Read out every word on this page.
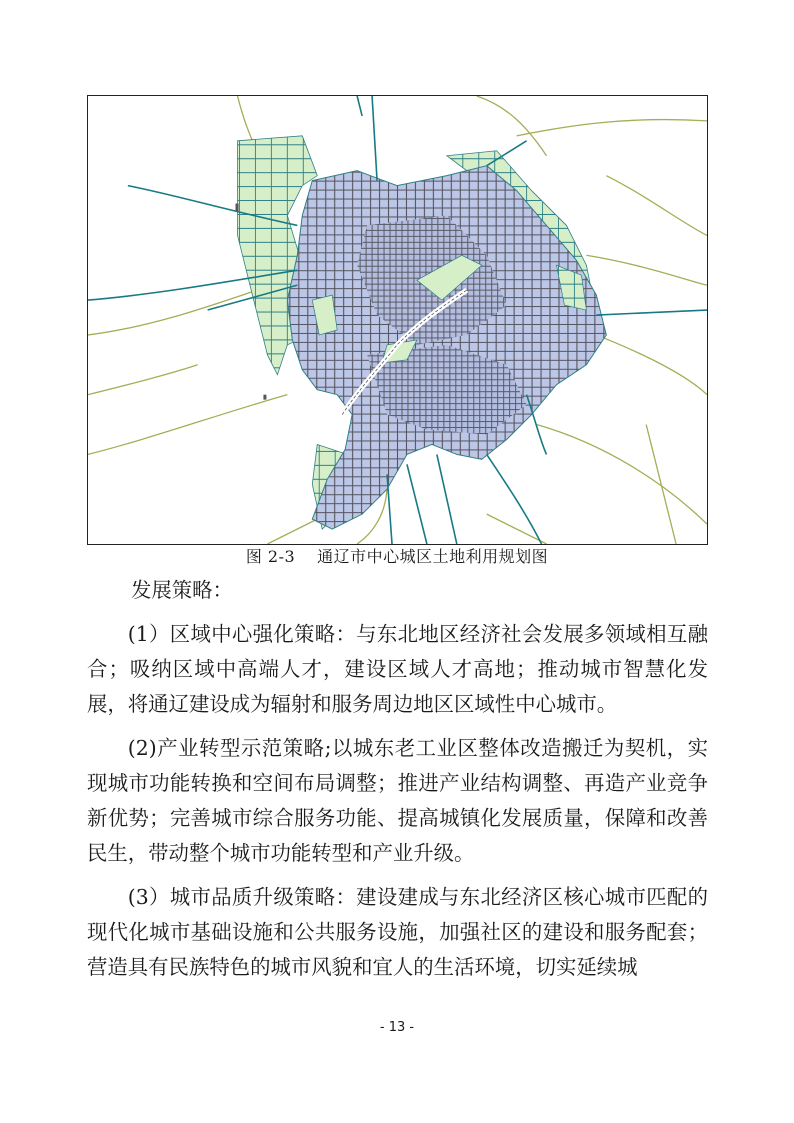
图 2-3 通辽市中心城区土地利用规划图
发展策略：

(1）区域中心强化策略：与东北地区经济社会发展多领域相互融合；吸纳区域中高端人才，建设区域人才高地；推动城市智慧化发展，将通辽建设成为辐射和服务周边地区区域性中心城市。

(2)产业转型示范策略;以城东老工业区整体改造搬迁为契机，实现城市功能转换和空间布局调整；推进产业结构调整、再造产业竞争新优势；完善城市综合服务功能、提高城镇化发展质量，保障和改善民生，带动整个城市功能转型和产业升级。

(3）城市品质升级策略：建设建成与东北经济区核心城市匹配的现代化城市基础设施和公共服务设施，加强社区的建设和服务配套；营造具有民族特色的城市风貌和宜人的生活环境，切实延续城

- 13 -
